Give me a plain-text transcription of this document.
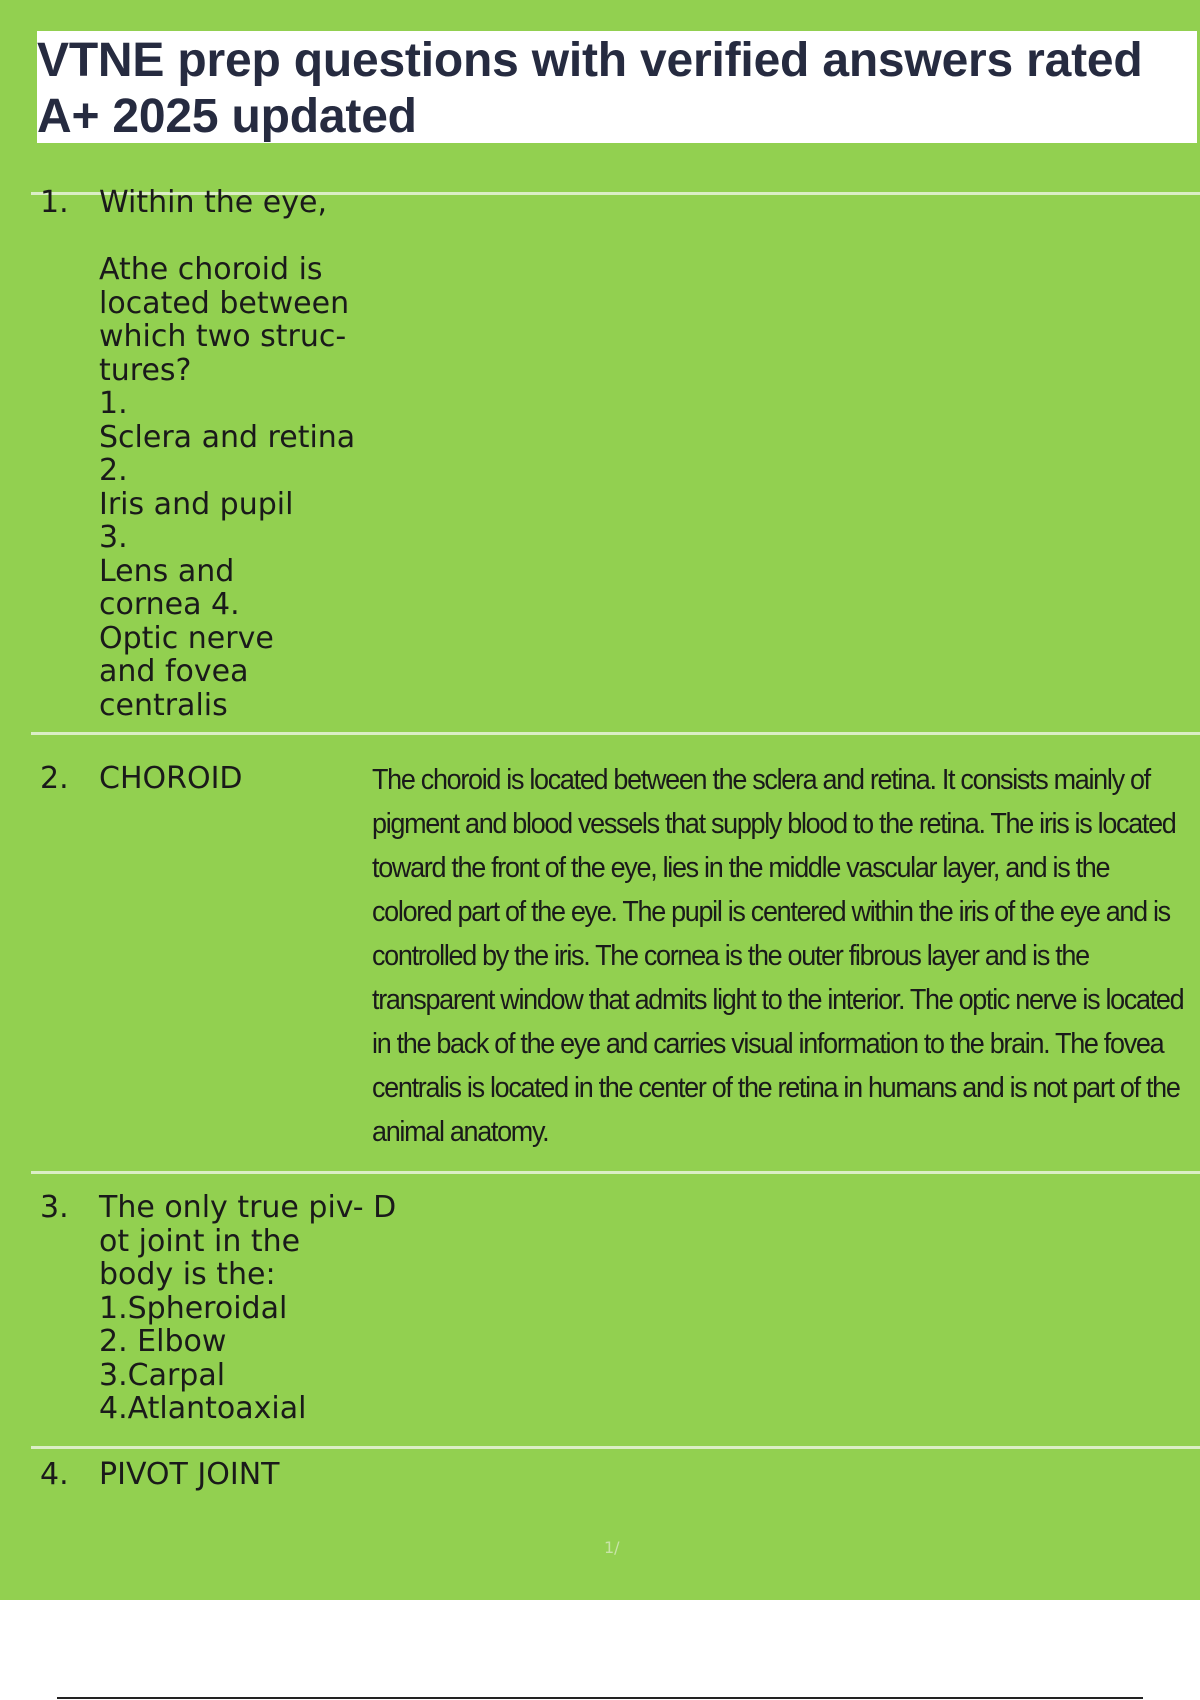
VTNE prep questions with verified answers rated A+ 2025 updated
1. Within the eye,

Athe choroid is
located between
which two struc-
tures?
1.
Sclera and retina
2.
Iris and pupil
3.
Lens and
cornea 4.
Optic nerve
and fovea
centralis
2. CHOROID	The choroid is located between the sclera and retina. It consists mainly of pigment and blood vessels that supply blood to the retina. The iris is located toward the front of the eye, lies in the middle vascular layer, and is the colored part of the eye. The pupil is centered within the iris of the eye and is controlled by the iris. The cornea is the outer fibrous layer and is the transparent window that admits light to the interior. The optic nerve is located in the back of the eye and carries visual information to the brain. The fovea centralis is located in the center of the retina in humans and is not part of the animal anatomy.
3. The only true piv- D
ot joint in the
body is the:
1.Spheroidal
2. Elbow
3.Carpal
4.Atlantoaxial
4. PIVOT JOINT
1/
